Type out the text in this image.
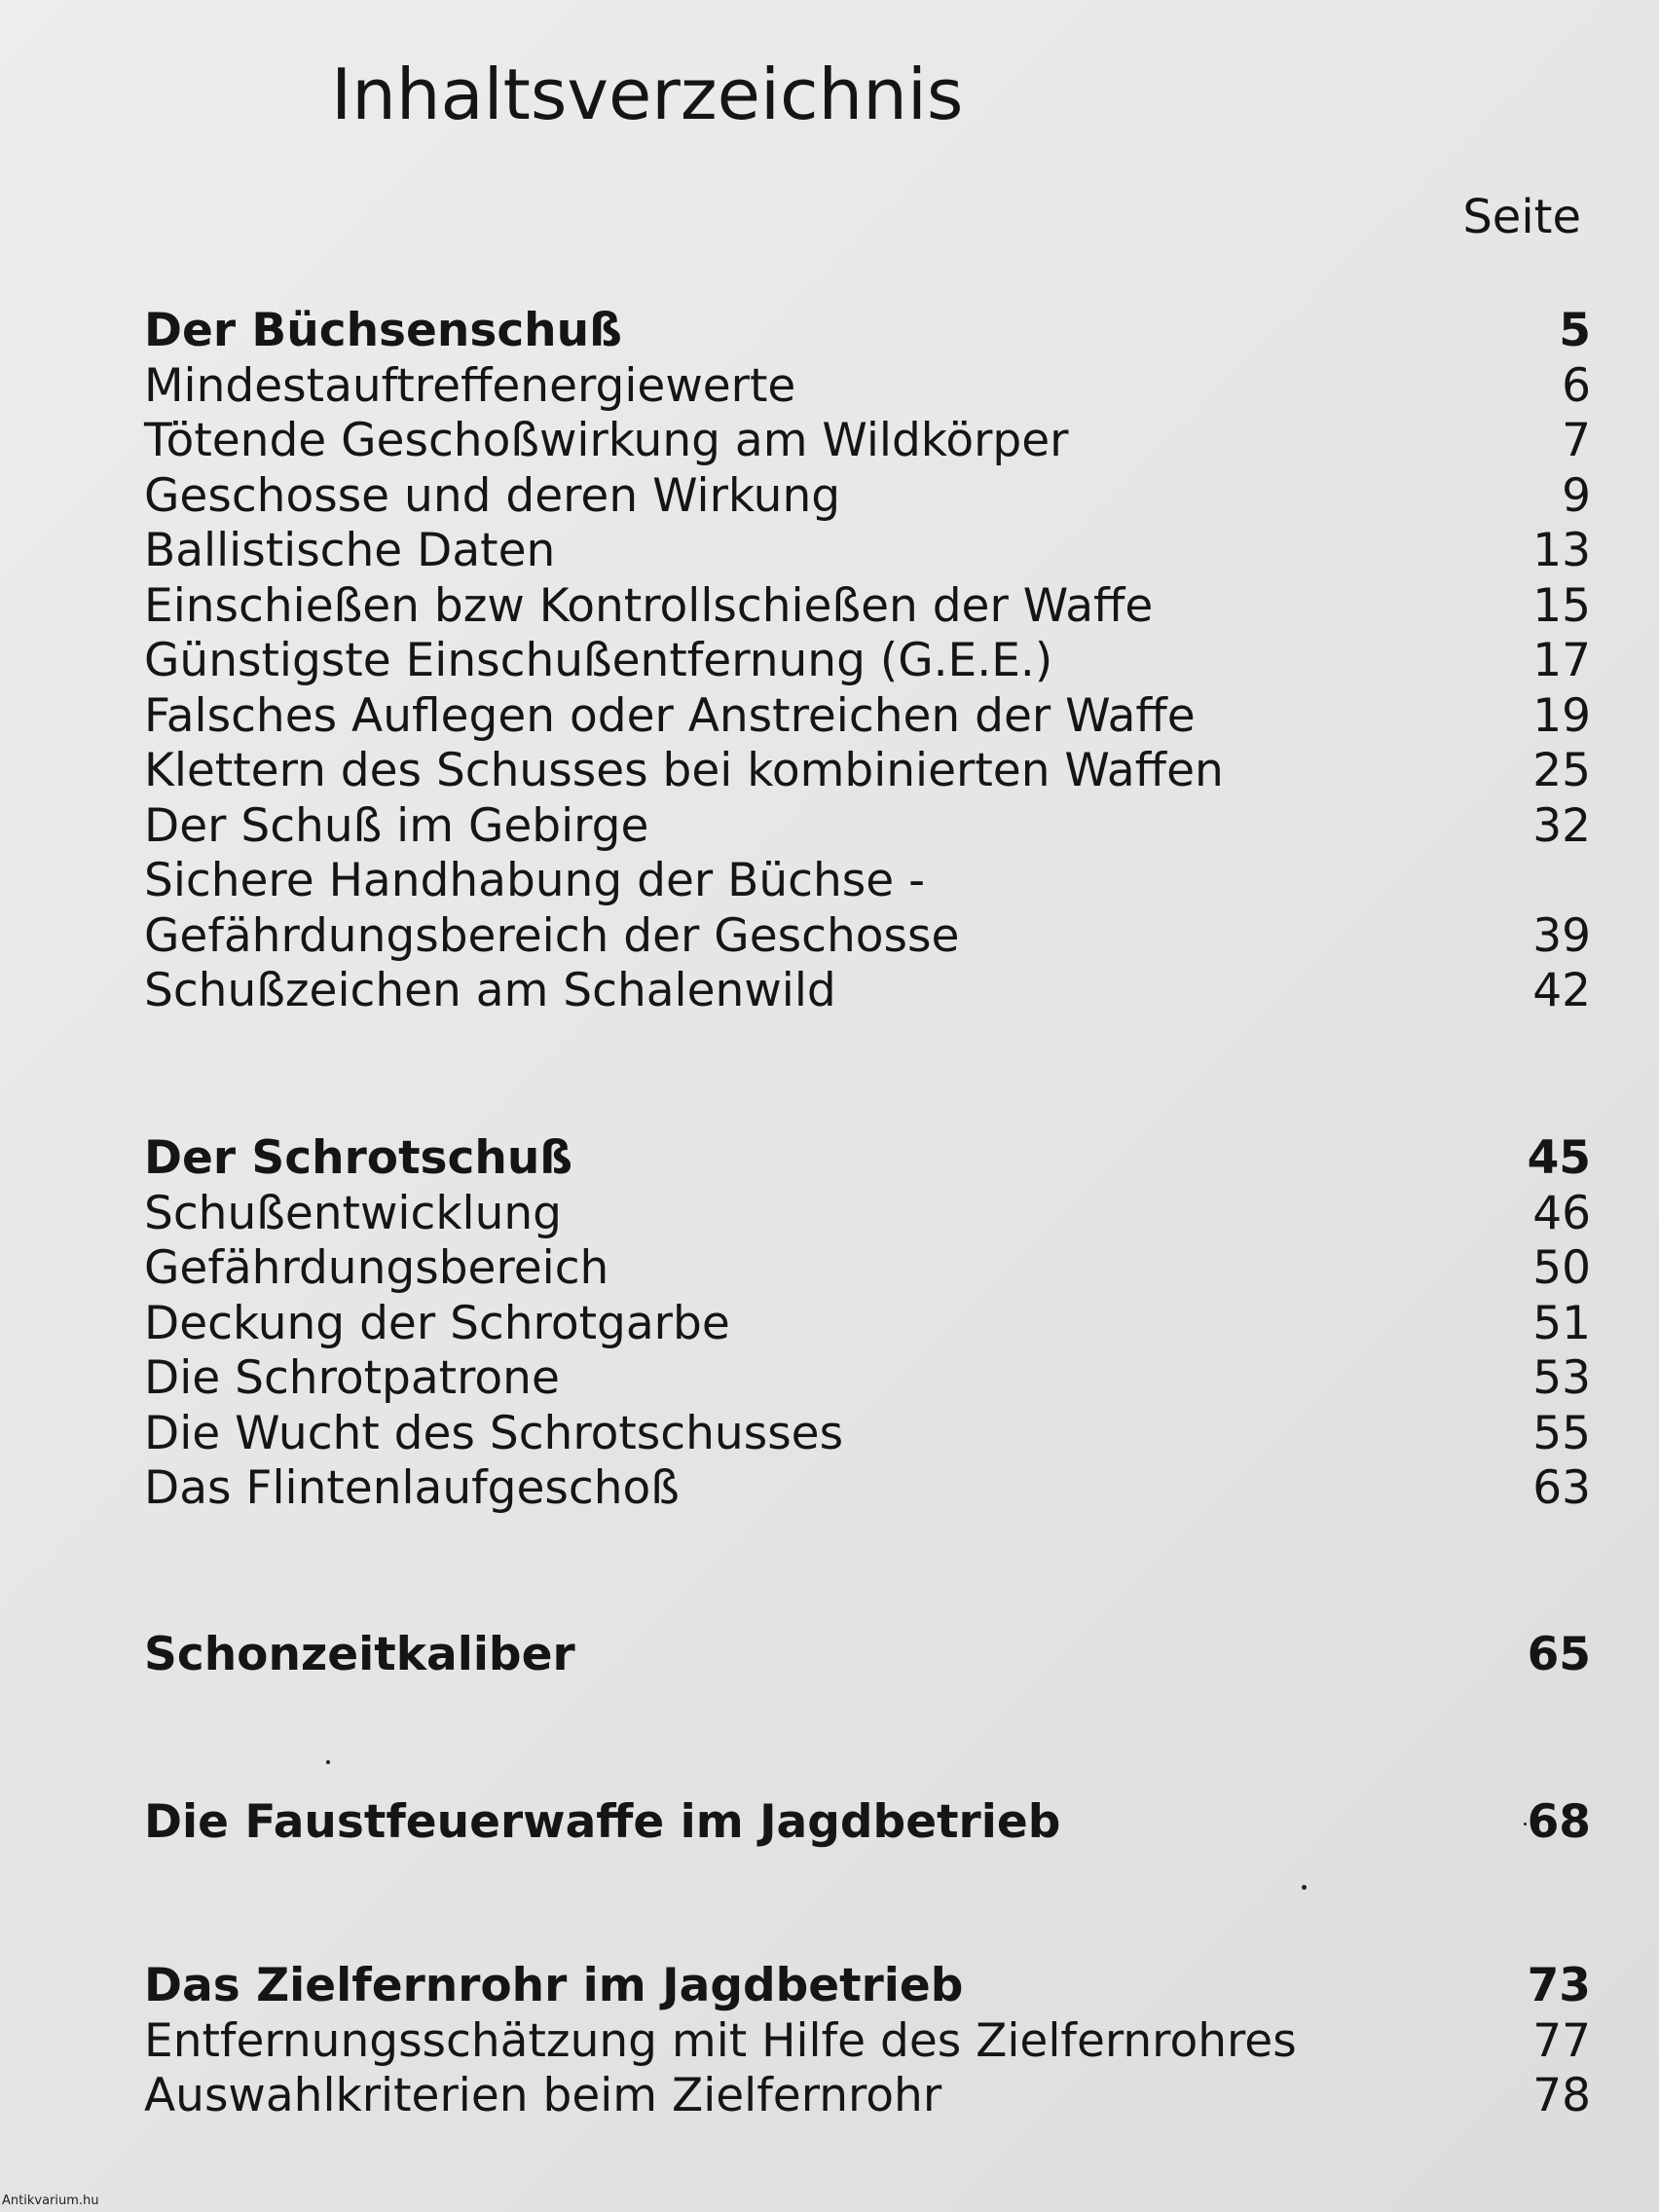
Inhaltsverzeichnis
Seite
Der Büchsenschuß	5
Mindestauftreffenergiewerte	6
Tötende Geschoßwirkung am Wildkörper	7
Geschosse und deren Wirkung	9
Ballistische Daten	13
Einschießen bzw Kontrollschießen der Waffe	15
Günstigste Einschußentfernung (G.E.E.)	17
Falsches Auflegen oder Anstreichen der Waffe	19
Klettern des Schusses bei kombinierten Waffen	25
Der Schuß im Gebirge	32
Sichere Handhabung der Büchse -
Gefährdungsbereich der Geschosse	39
Schußzeichen am Schalenwild	42
Der Schrotschuß	45
Schußentwicklung	46
Gefährdungsbereich	50
Deckung der Schrotgarbe	51
Die Schrotpatrone	53
Die Wucht des Schrotschusses	55
Das Flintenlaufgeschoß	63
Schonzeitkaliber	65
Die Faustfeuerwaffe im Jagdbetrieb	68
Das Zielfernrohr im Jagdbetrieb	73
Entfernungsschätzung mit Hilfe des Zielfernrohres	77
Auswahlkriterien beim Zielfernrohr	78
Antikvarium.hu
